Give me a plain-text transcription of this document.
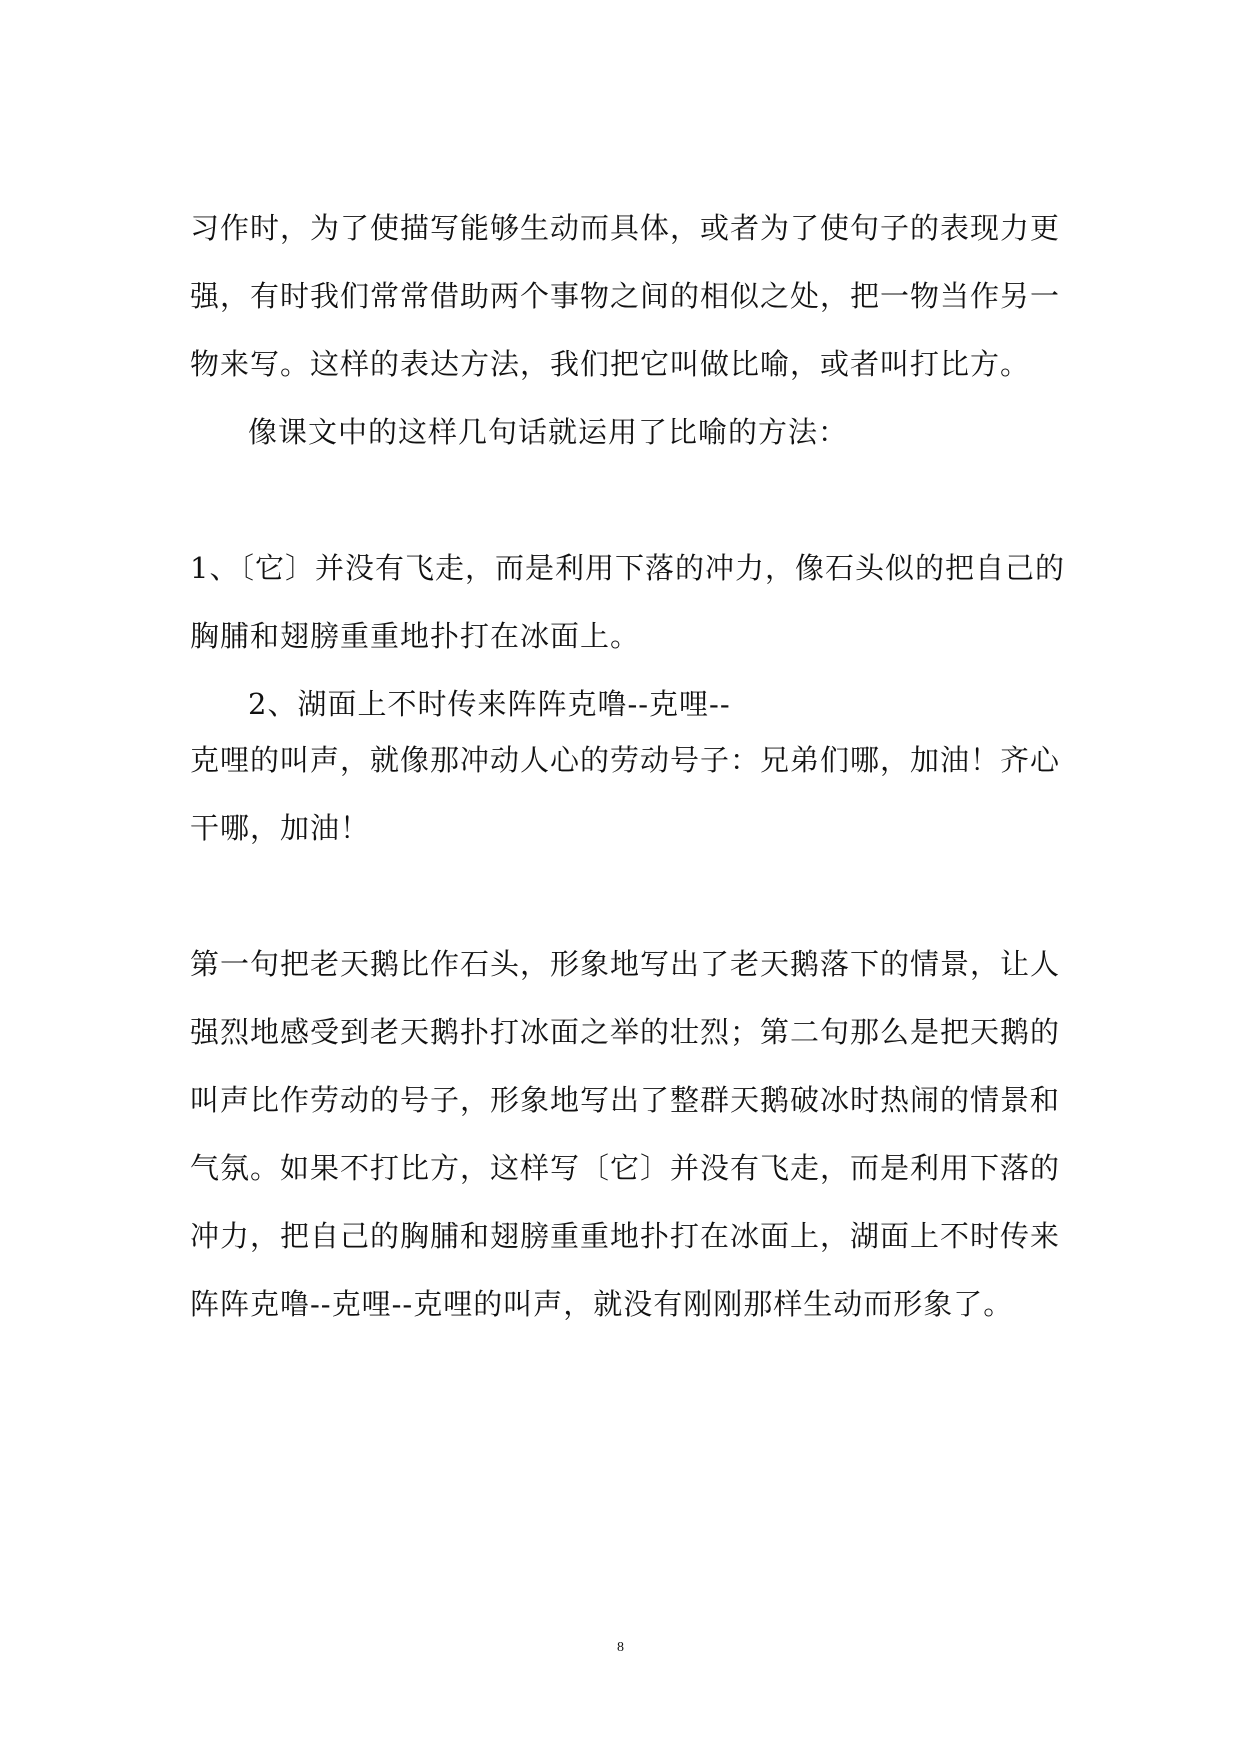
习作时，为了使描写能够生动而具体，或者为了使句子的表现力更
强，有时我们常常借助两个事物之间的相似之处，把一物当作另一
物来写。这样的表达方法，我们把它叫做比喻，或者叫打比方。
像课文中的这样几句话就运用了比喻的方法：
1、〔它〕并没有飞走，而是利用下落的冲力，像石头似的把自己的
胸脯和翅膀重重地扑打在冰面上。
2、湖面上不时传来阵阵克噜--克哩--
克哩的叫声，就像那冲动人心的劳动号子：兄弟们哪，加油！齐心
干哪，加油！
第一句把老天鹅比作石头，形象地写出了老天鹅落下的情景，让人
强烈地感受到老天鹅扑打冰面之举的壮烈；第二句那么是把天鹅的
叫声比作劳动的号子，形象地写出了整群天鹅破冰时热闹的情景和
气氛。如果不打比方，这样写〔它〕并没有飞走，而是利用下落的
冲力，把自己的胸脯和翅膀重重地扑打在冰面上，湖面上不时传来
阵阵克噜--克哩--克哩的叫声，就没有刚刚那样生动而形象了。
8
